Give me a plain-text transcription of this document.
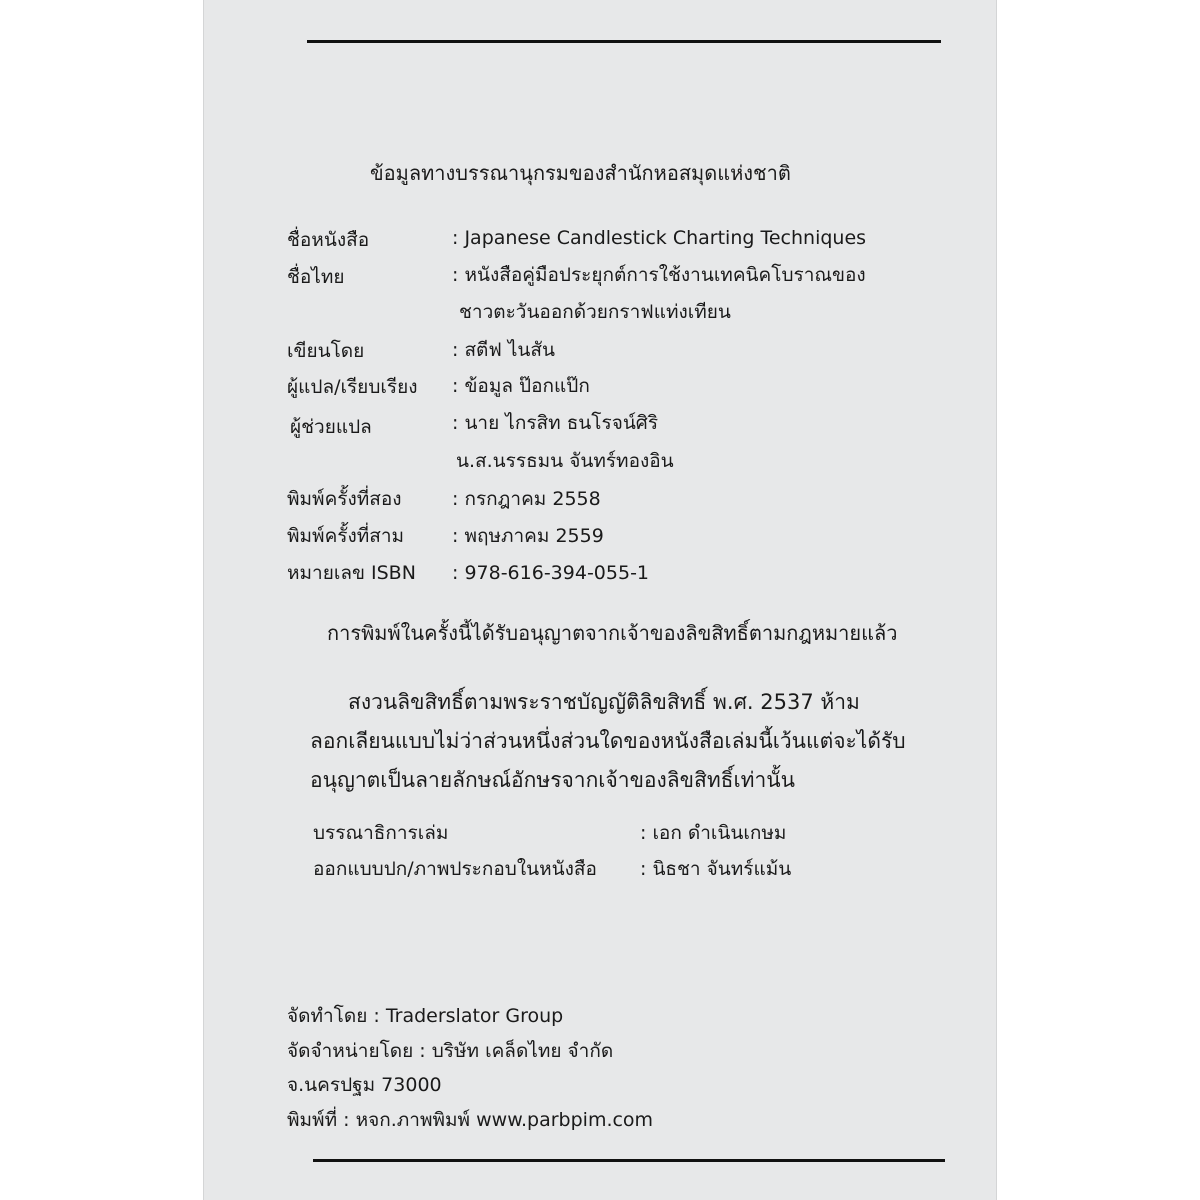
ข้อมูลทางบรรณานุกรมของสำนักหอสมุดแห่งชาติ
ชื่อหนังสือ	: Japanese Candlestick Charting Techniques
ชื่อไทย	: หนังสือคู่มือประยุกต์การใช้งานเทคนิคโบราณของ
ชาวตะวันออกด้วยกราฟแท่งเทียน
เขียนโดย	: สตีฟ ไนสัน
ผู้แปล/เรียบเรียง : ข้อมูล ป๊อกแป๊ก
ผู้ช่วยแปล	: นาย ไกรสิท ธนโรจน์ศิริ
น.ส.นรรธมน จันทร์ทองอิน
พิมพ์ครั้งที่สอง	: กรกฎาคม 2558
พิมพ์ครั้งที่สาม	: พฤษภาคม 2559
หมายเลข ISBN : 978-616-394-055-1
การพิมพ์ในครั้งนี้ได้รับอนุญาตจากเจ้าของลิขสิทธิ์ตามกฎหมายแล้ว
สงวนลิขสิทธิ์ตามพระราชบัญญัติลิขสิทธิ์ พ.ศ. 2537 ห้าม
ลอกเลียนแบบไม่ว่าส่วนหนึ่งส่วนใดของหนังสือเล่มนี้เว้นแต่จะได้รับ
อนุญาตเป็นลายลักษณ์อักษรจากเจ้าของลิขสิทธิ์เท่านั้น
บรรณาธิการเล่ม	: เอก ดำเนินเกษม
ออกแบบปก/ภาพประกอบในหนังสือ : นิธชา จันทร์แม้น
จัดทำโดย : Traderslator Group
จัดจำหน่ายโดย : บริษัท เคล็ดไทย จำกัด
จ.นครปฐม 73000
พิมพ์ที่ : หจก.ภาพพิมพ์ www.parbpim.com
